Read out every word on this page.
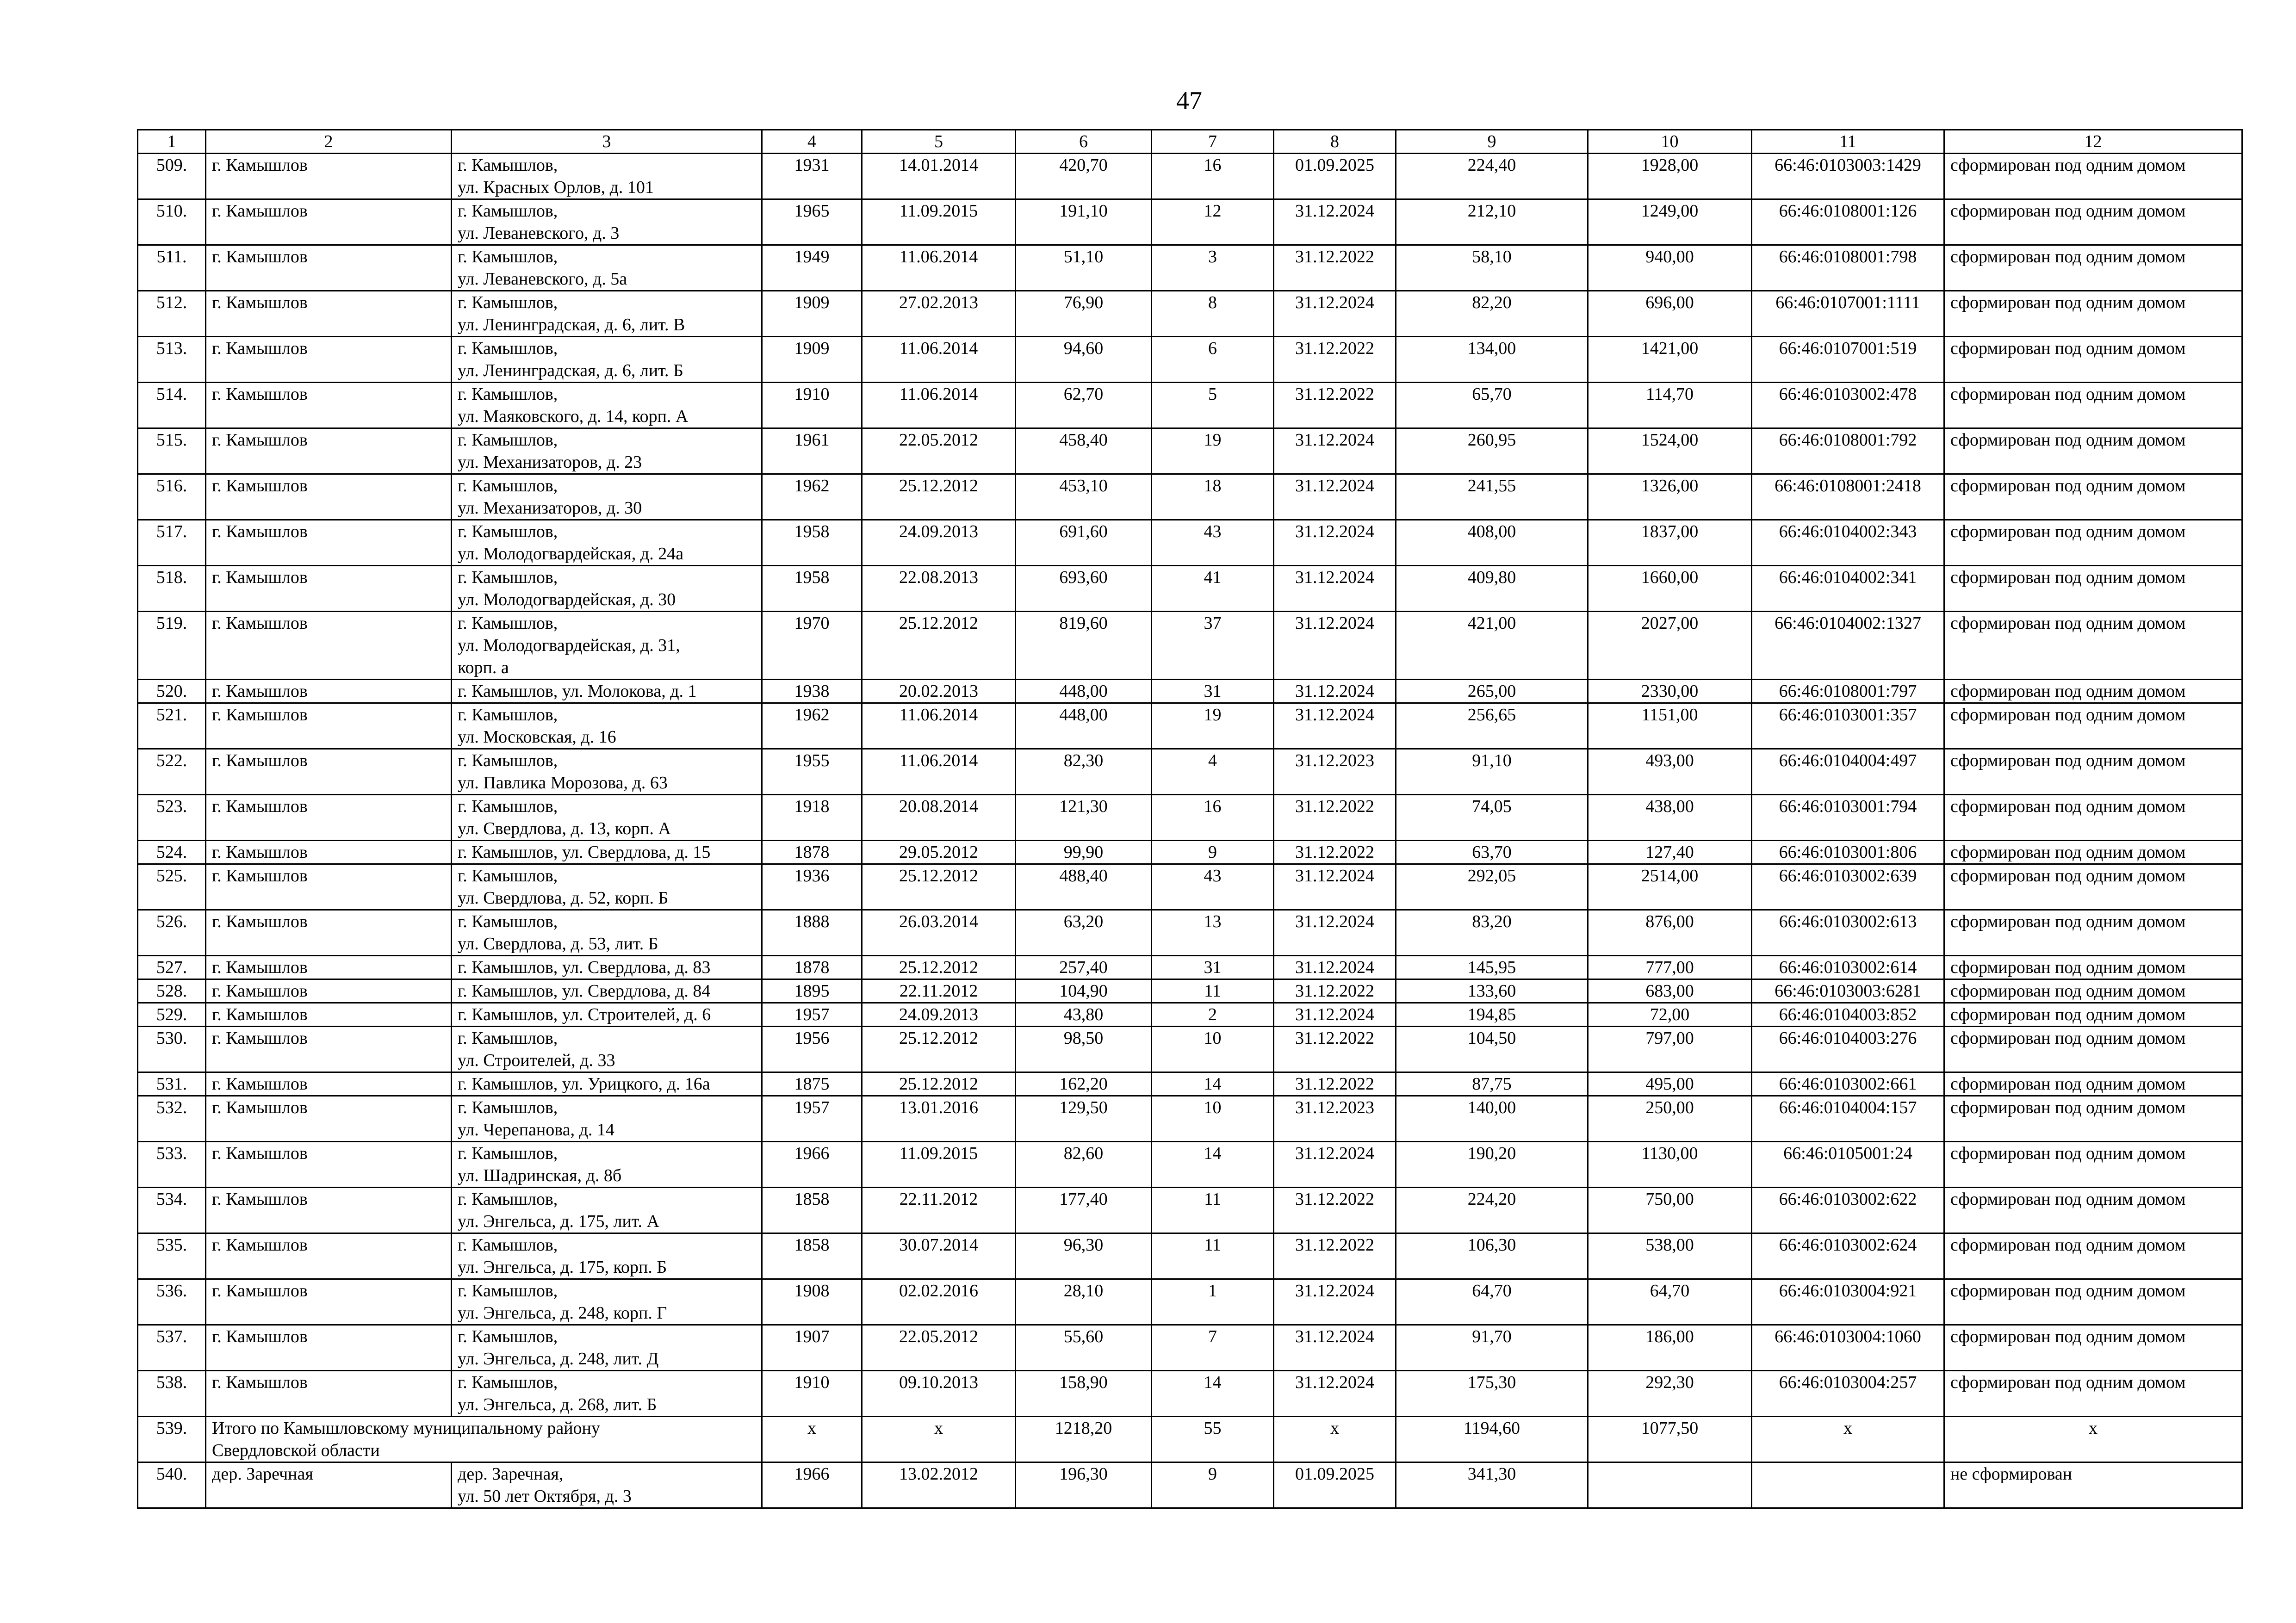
47
1	2	3	4	5	6	7	8	9	10	11	12
509.	г. Камышлов	г. Камышлов,
ул. Красных Орлов, д. 101	1931	14.01.2014	420,70	16	01.09.2025	224,40	1928,00	66:46:0103003:1429	сформирован под одним домом
510.	г. Камышлов	г. Камышлов,
ул. Леваневского, д. 3	1965	11.09.2015	191,10	12	31.12.2024	212,10	1249,00	66:46:0108001:126	сформирован под одним домом
511.	г. Камышлов	г. Камышлов,
ул. Леваневского, д. 5а	1949	11.06.2014	51,10	3	31.12.2022	58,10	940,00	66:46:0108001:798	сформирован под одним домом
512.	г. Камышлов	г. Камышлов,
ул. Ленинградская, д. 6, лит. В	1909	27.02.2013	76,90	8	31.12.2024	82,20	696,00	66:46:0107001:1111	сформирован под одним домом
513.	г. Камышлов	г. Камышлов,
ул. Ленинградская, д. 6, лит. Б	1909	11.06.2014	94,60	6	31.12.2022	134,00	1421,00	66:46:0107001:519	сформирован под одним домом
514.	г. Камышлов	г. Камышлов,
ул. Маяковского, д. 14, корп. А	1910	11.06.2014	62,70	5	31.12.2022	65,70	114,70	66:46:0103002:478	сформирован под одним домом
515.	г. Камышлов	г. Камышлов,
ул. Механизаторов, д. 23	1961	22.05.2012	458,40	19	31.12.2024	260,95	1524,00	66:46:0108001:792	сформирован под одним домом
516.	г. Камышлов	г. Камышлов,
ул. Механизаторов, д. 30	1962	25.12.2012	453,10	18	31.12.2024	241,55	1326,00	66:46:0108001:2418	сформирован под одним домом
517.	г. Камышлов	г. Камышлов,
ул. Молодогвардейская, д. 24а	1958	24.09.2013	691,60	43	31.12.2024	408,00	1837,00	66:46:0104002:343	сформирован под одним домом
518.	г. Камышлов	г. Камышлов,
ул. Молодогвардейская, д. 30	1958	22.08.2013	693,60	41	31.12.2024	409,80	1660,00	66:46:0104002:341	сформирован под одним домом
519.	г. Камышлов	г. Камышлов,
ул. Молодогвардейская, д. 31,
корп. а	1970	25.12.2012	819,60	37	31.12.2024	421,00	2027,00	66:46:0104002:1327	сформирован под одним домом
520.	г. Камышлов	г. Камышлов, ул. Молокова, д. 1	1938	20.02.2013	448,00	31	31.12.2024	265,00	2330,00	66:46:0108001:797	сформирован под одним домом
521.	г. Камышлов	г. Камышлов,
ул. Московская, д. 16	1962	11.06.2014	448,00	19	31.12.2024	256,65	1151,00	66:46:0103001:357	сформирован под одним домом
522.	г. Камышлов	г. Камышлов,
ул. Павлика Морозова, д. 63	1955	11.06.2014	82,30	4	31.12.2023	91,10	493,00	66:46:0104004:497	сформирован под одним домом
523.	г. Камышлов	г. Камышлов,
ул. Свердлова, д. 13, корп. А	1918	20.08.2014	121,30	16	31.12.2022	74,05	438,00	66:46:0103001:794	сформирован под одним домом
524.	г. Камышлов	г. Камышлов, ул. Свердлова, д. 15	1878	29.05.2012	99,90	9	31.12.2022	63,70	127,40	66:46:0103001:806	сформирован под одним домом
525.	г. Камышлов	г. Камышлов,
ул. Свердлова, д. 52, корп. Б	1936	25.12.2012	488,40	43	31.12.2024	292,05	2514,00	66:46:0103002:639	сформирован под одним домом
526.	г. Камышлов	г. Камышлов,
ул. Свердлова, д. 53, лит. Б	1888	26.03.2014	63,20	13	31.12.2024	83,20	876,00	66:46:0103002:613	сформирован под одним домом
527.	г. Камышлов	г. Камышлов, ул. Свердлова, д. 83	1878	25.12.2012	257,40	31	31.12.2024	145,95	777,00	66:46:0103002:614	сформирован под одним домом
528.	г. Камышлов	г. Камышлов, ул. Свердлова, д. 84	1895	22.11.2012	104,90	11	31.12.2022	133,60	683,00	66:46:0103003:6281	сформирован под одним домом
529.	г. Камышлов	г. Камышлов, ул. Строителей, д. 6	1957	24.09.2013	43,80	2	31.12.2024	194,85	72,00	66:46:0104003:852	сформирован под одним домом
530.	г. Камышлов	г. Камышлов,
ул. Строителей, д. 33	1956	25.12.2012	98,50	10	31.12.2022	104,50	797,00	66:46:0104003:276	сформирован под одним домом
531.	г. Камышлов	г. Камышлов, ул. Урицкого, д. 16а	1875	25.12.2012	162,20	14	31.12.2022	87,75	495,00	66:46:0103002:661	сформирован под одним домом
532.	г. Камышлов	г. Камышлов,
ул. Черепанова, д. 14	1957	13.01.2016	129,50	10	31.12.2023	140,00	250,00	66:46:0104004:157	сформирован под одним домом
533.	г. Камышлов	г. Камышлов,
ул. Шадринская, д. 8б	1966	11.09.2015	82,60	14	31.12.2024	190,20	1130,00	66:46:0105001:24	сформирован под одним домом
534.	г. Камышлов	г. Камышлов,
ул. Энгельса, д. 175, лит. А	1858	22.11.2012	177,40	11	31.12.2022	224,20	750,00	66:46:0103002:622	сформирован под одним домом
535.	г. Камышлов	г. Камышлов,
ул. Энгельса, д. 175, корп. Б	1858	30.07.2014	96,30	11	31.12.2022	106,30	538,00	66:46:0103002:624	сформирован под одним домом
536.	г. Камышлов	г. Камышлов,
ул. Энгельса, д. 248, корп. Г	1908	02.02.2016	28,10	1	31.12.2024	64,70	64,70	66:46:0103004:921	сформирован под одним домом
537.	г. Камышлов	г. Камышлов,
ул. Энгельса, д. 248, лит. Д	1907	22.05.2012	55,60	7	31.12.2024	91,70	186,00	66:46:0103004:1060	сформирован под одним домом
538.	г. Камышлов	г. Камышлов,
ул. Энгельса, д. 268, лит. Б	1910	09.10.2013	158,90	14	31.12.2024	175,30	292,30	66:46:0103004:257	сформирован под одним домом
539.	Итого по Камышловскому муниципальному району
Свердловской области		х	х	1218,20	55	х	1194,60	1077,50	х	х
540.	дер. Заречная	дер. Заречная,
ул. 50 лет Октября, д. 3	1966	13.02.2012	196,30	9	01.09.2025	341,30			не сформирован
